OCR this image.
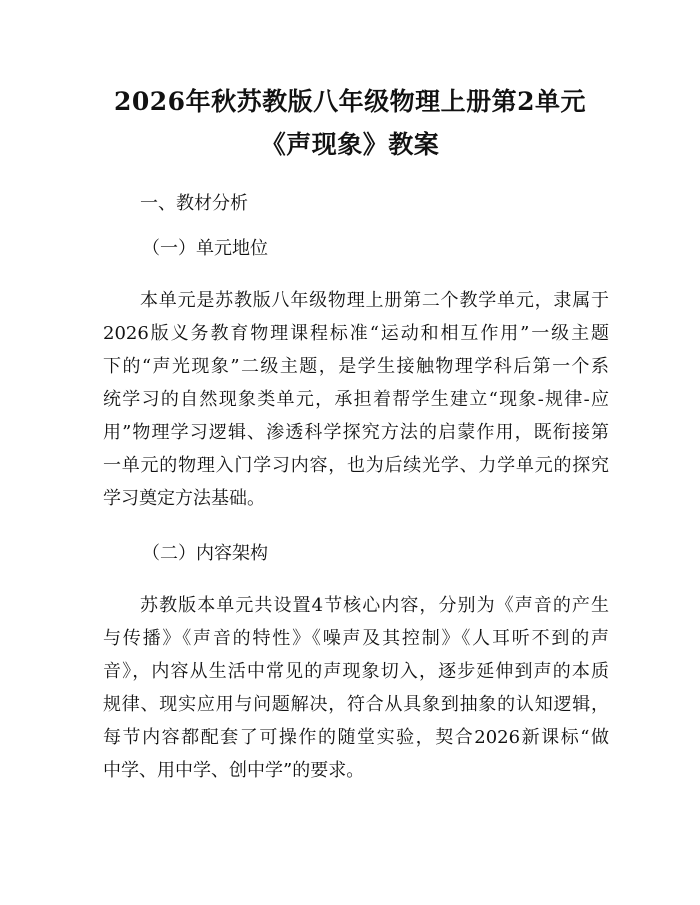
2026年秋苏教版八年级物理上册第2单元
《声现象》教案
一、教材分析
（一）单元地位
本单元是苏教版八年级物理上册第二个教学单元，隶属于
2026版义务教育物理课程标准“运动和相互作用”一级主题
下的“声光现象”二级主题，是学生接触物理学科后第一个系
统学习的自然现象类单元，承担着帮学生建立“现象-规律-应
用”物理学习逻辑、渗透科学探究方法的启蒙作用，既衔接第
一单元的物理入门学习内容，也为后续光学、力学单元的探究
学习奠定方法基础。
（二）内容架构
苏教版本单元共设置4节核心内容，分别为《声音的产生
与传播》《声音的特性》《噪声及其控制》《人耳听不到的声
音》，内容从生活中常见的声现象切入，逐步延伸到声的本质
规律、现实应用与问题解决，符合从具象到抽象的认知逻辑，
每节内容都配套了可操作的随堂实验，契合2026新课标“做
中学、用中学、创中学”的要求。
